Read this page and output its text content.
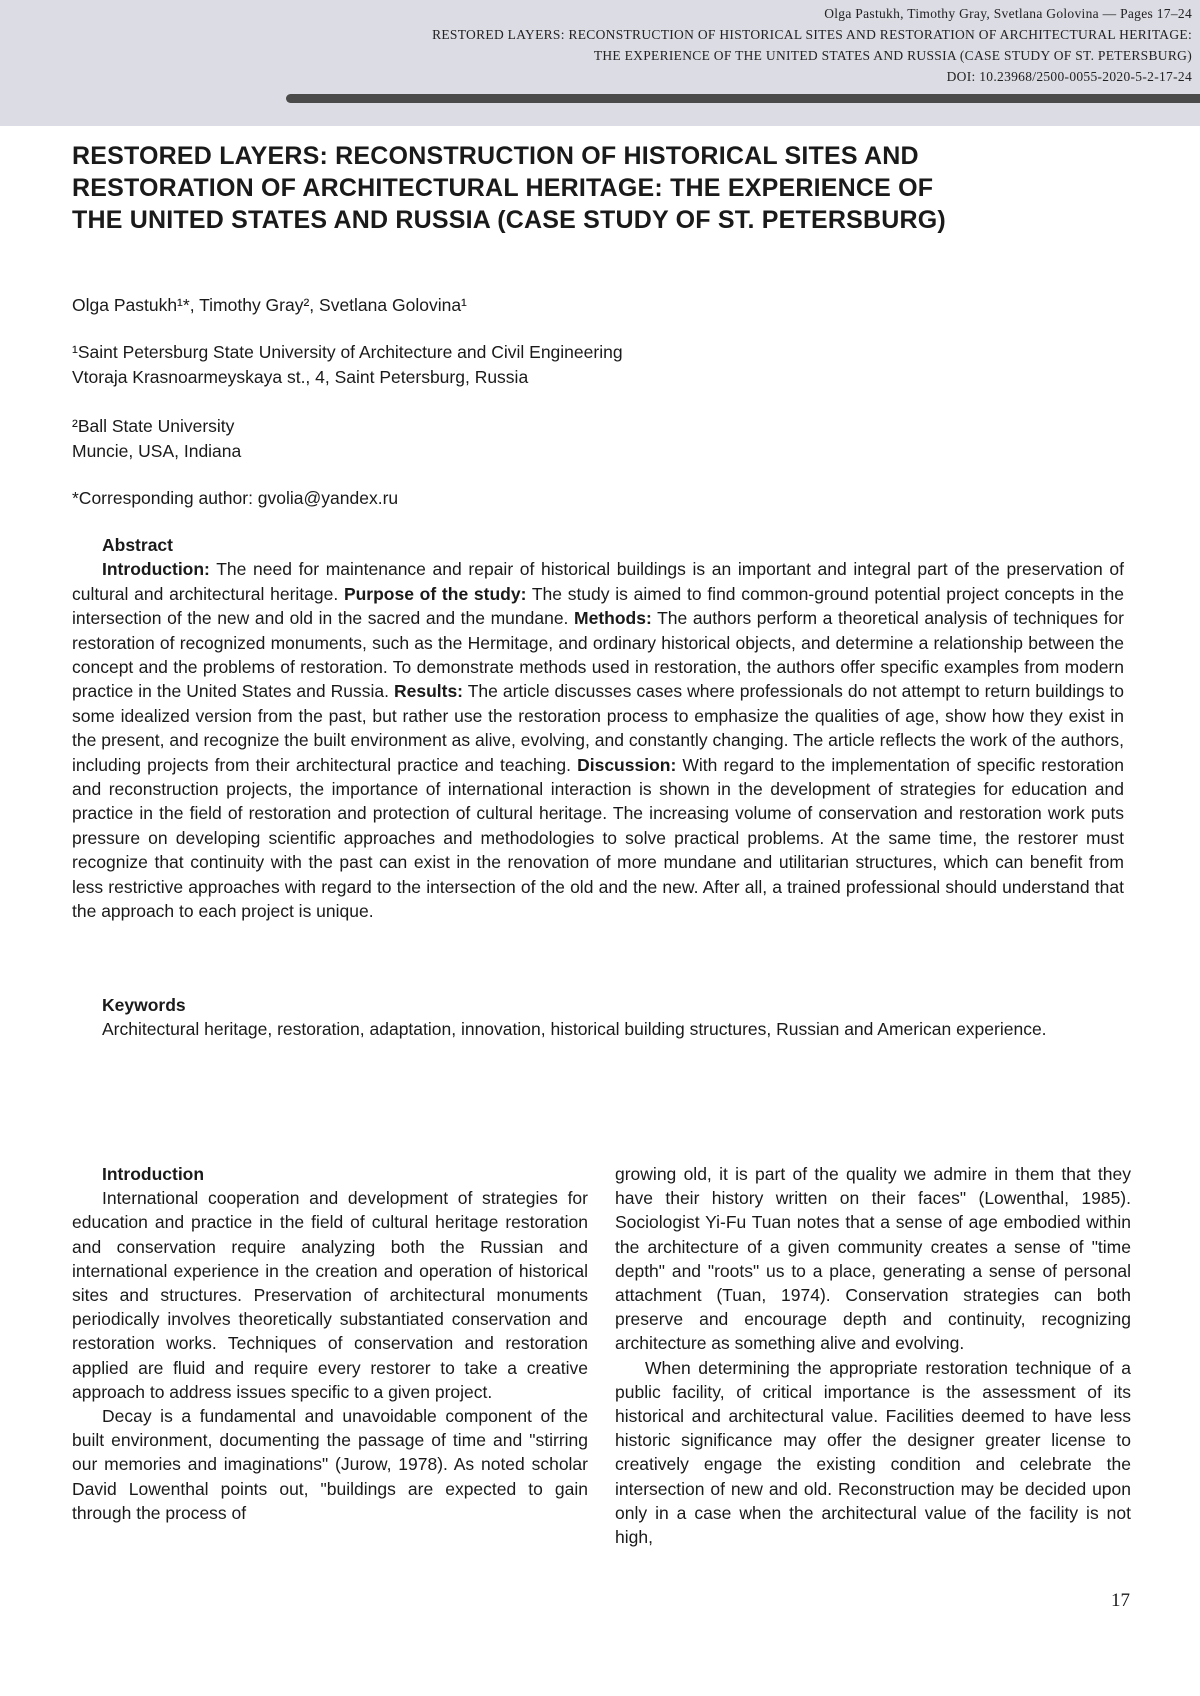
Olga Pastukh, Timothy Gray, Svetlana Golovina — Pages 17–24
RESTORED LAYERS: RECONSTRUCTION OF HISTORICAL SITES AND RESTORATION OF ARCHITECTURAL HERITAGE:
THE EXPERIENCE OF THE UNITED STATES AND RUSSIA (CASE STUDY OF ST. PETERSBURG)
DOI: 10.23968/2500-0055-2020-5-2-17-24
RESTORED LAYERS: RECONSTRUCTION OF HISTORICAL SITES AND
RESTORATION OF ARCHITECTURAL HERITAGE: THE EXPERIENCE OF
THE UNITED STATES AND RUSSIA (CASE STUDY OF ST. PETERSBURG)
Olga Pastukh¹*, Timothy Gray², Svetlana Golovina¹
¹Saint Petersburg State University of Architecture and Civil Engineering
Vtoraja Krasnoarmeyskaya st., 4, Saint Petersburg, Russia
²Ball State University
Muncie, USA, Indiana
*Corresponding author: gvolia@yandex.ru
Abstract

Introduction: The need for maintenance and repair of historical buildings is an important and integral part of the preservation of cultural and architectural heritage. Purpose of the study: The study is aimed to find common-ground potential project concepts in the intersection of the new and old in the sacred and the mundane. Methods: The authors perform a theoretical analysis of techniques for restoration of recognized monuments, such as the Hermitage, and ordinary historical objects, and determine a relationship between the concept and the problems of restoration. To demonstrate methods used in restoration, the authors offer specific examples from modern practice in the United States and Russia. Results: The article discusses cases where professionals do not attempt to return buildings to some idealized version from the past, but rather use the restoration process to emphasize the qualities of age, show how they exist in the present, and recognize the built environment as alive, evolving, and constantly changing. The article reflects the work of the authors, including projects from their architectural practice and teaching. Discussion: With regard to the implementation of specific restoration and reconstruction projects, the importance of international interaction is shown in the development of strategies for education and practice in the field of restoration and protection of cultural heritage. The increasing volume of conservation and restoration work puts pressure on developing scientific approaches and methodologies to solve practical problems. At the same time, the restorer must recognize that continuity with the past can exist in the renovation of more mundane and utilitarian structures, which can benefit from less restrictive approaches with regard to the intersection of the old and the new. After all, a trained professional should understand that the approach to each project is unique.

Keywords

Architectural heritage, restoration, adaptation, innovation, historical building structures, Russian and American experience.

Introduction

International cooperation and development of strategies for education and practice in the field of cultural heritage restoration and conservation require analyzing both the Russian and international experience in the creation and operation of historical sites and structures. Preservation of architectural monuments periodically involves theoretically substantiated conservation and restoration works. Techniques of conservation and restoration applied are fluid and require every restorer to take a creative approach to address issues specific to a given project.

Decay is a fundamental and unavoidable component of the built environment, documenting the passage of time and "stirring our memories and imaginations" (Jurow, 1978). As noted scholar David Lowenthal points out, "buildings are expected to gain through the process of

growing old, it is part of the quality we admire in them that they have their history written on their faces" (Lowenthal, 1985). Sociologist Yi-Fu Tuan notes that a sense of age embodied within the architecture of a given community creates a sense of "time depth" and "roots" us to a place, generating a sense of personal attachment (Tuan, 1974). Conservation strategies can both preserve and encourage depth and continuity, recognizing architecture as something alive and evolving.

When determining the appropriate restoration technique of a public facility, of critical importance is the assessment of its historical and architectural value. Facilities deemed to have less historic significance may offer the designer greater license to creatively engage the existing condition and celebrate the intersection of new and old. Reconstruction may be decided upon only in a case when the architectural value of the facility is not high,

17
